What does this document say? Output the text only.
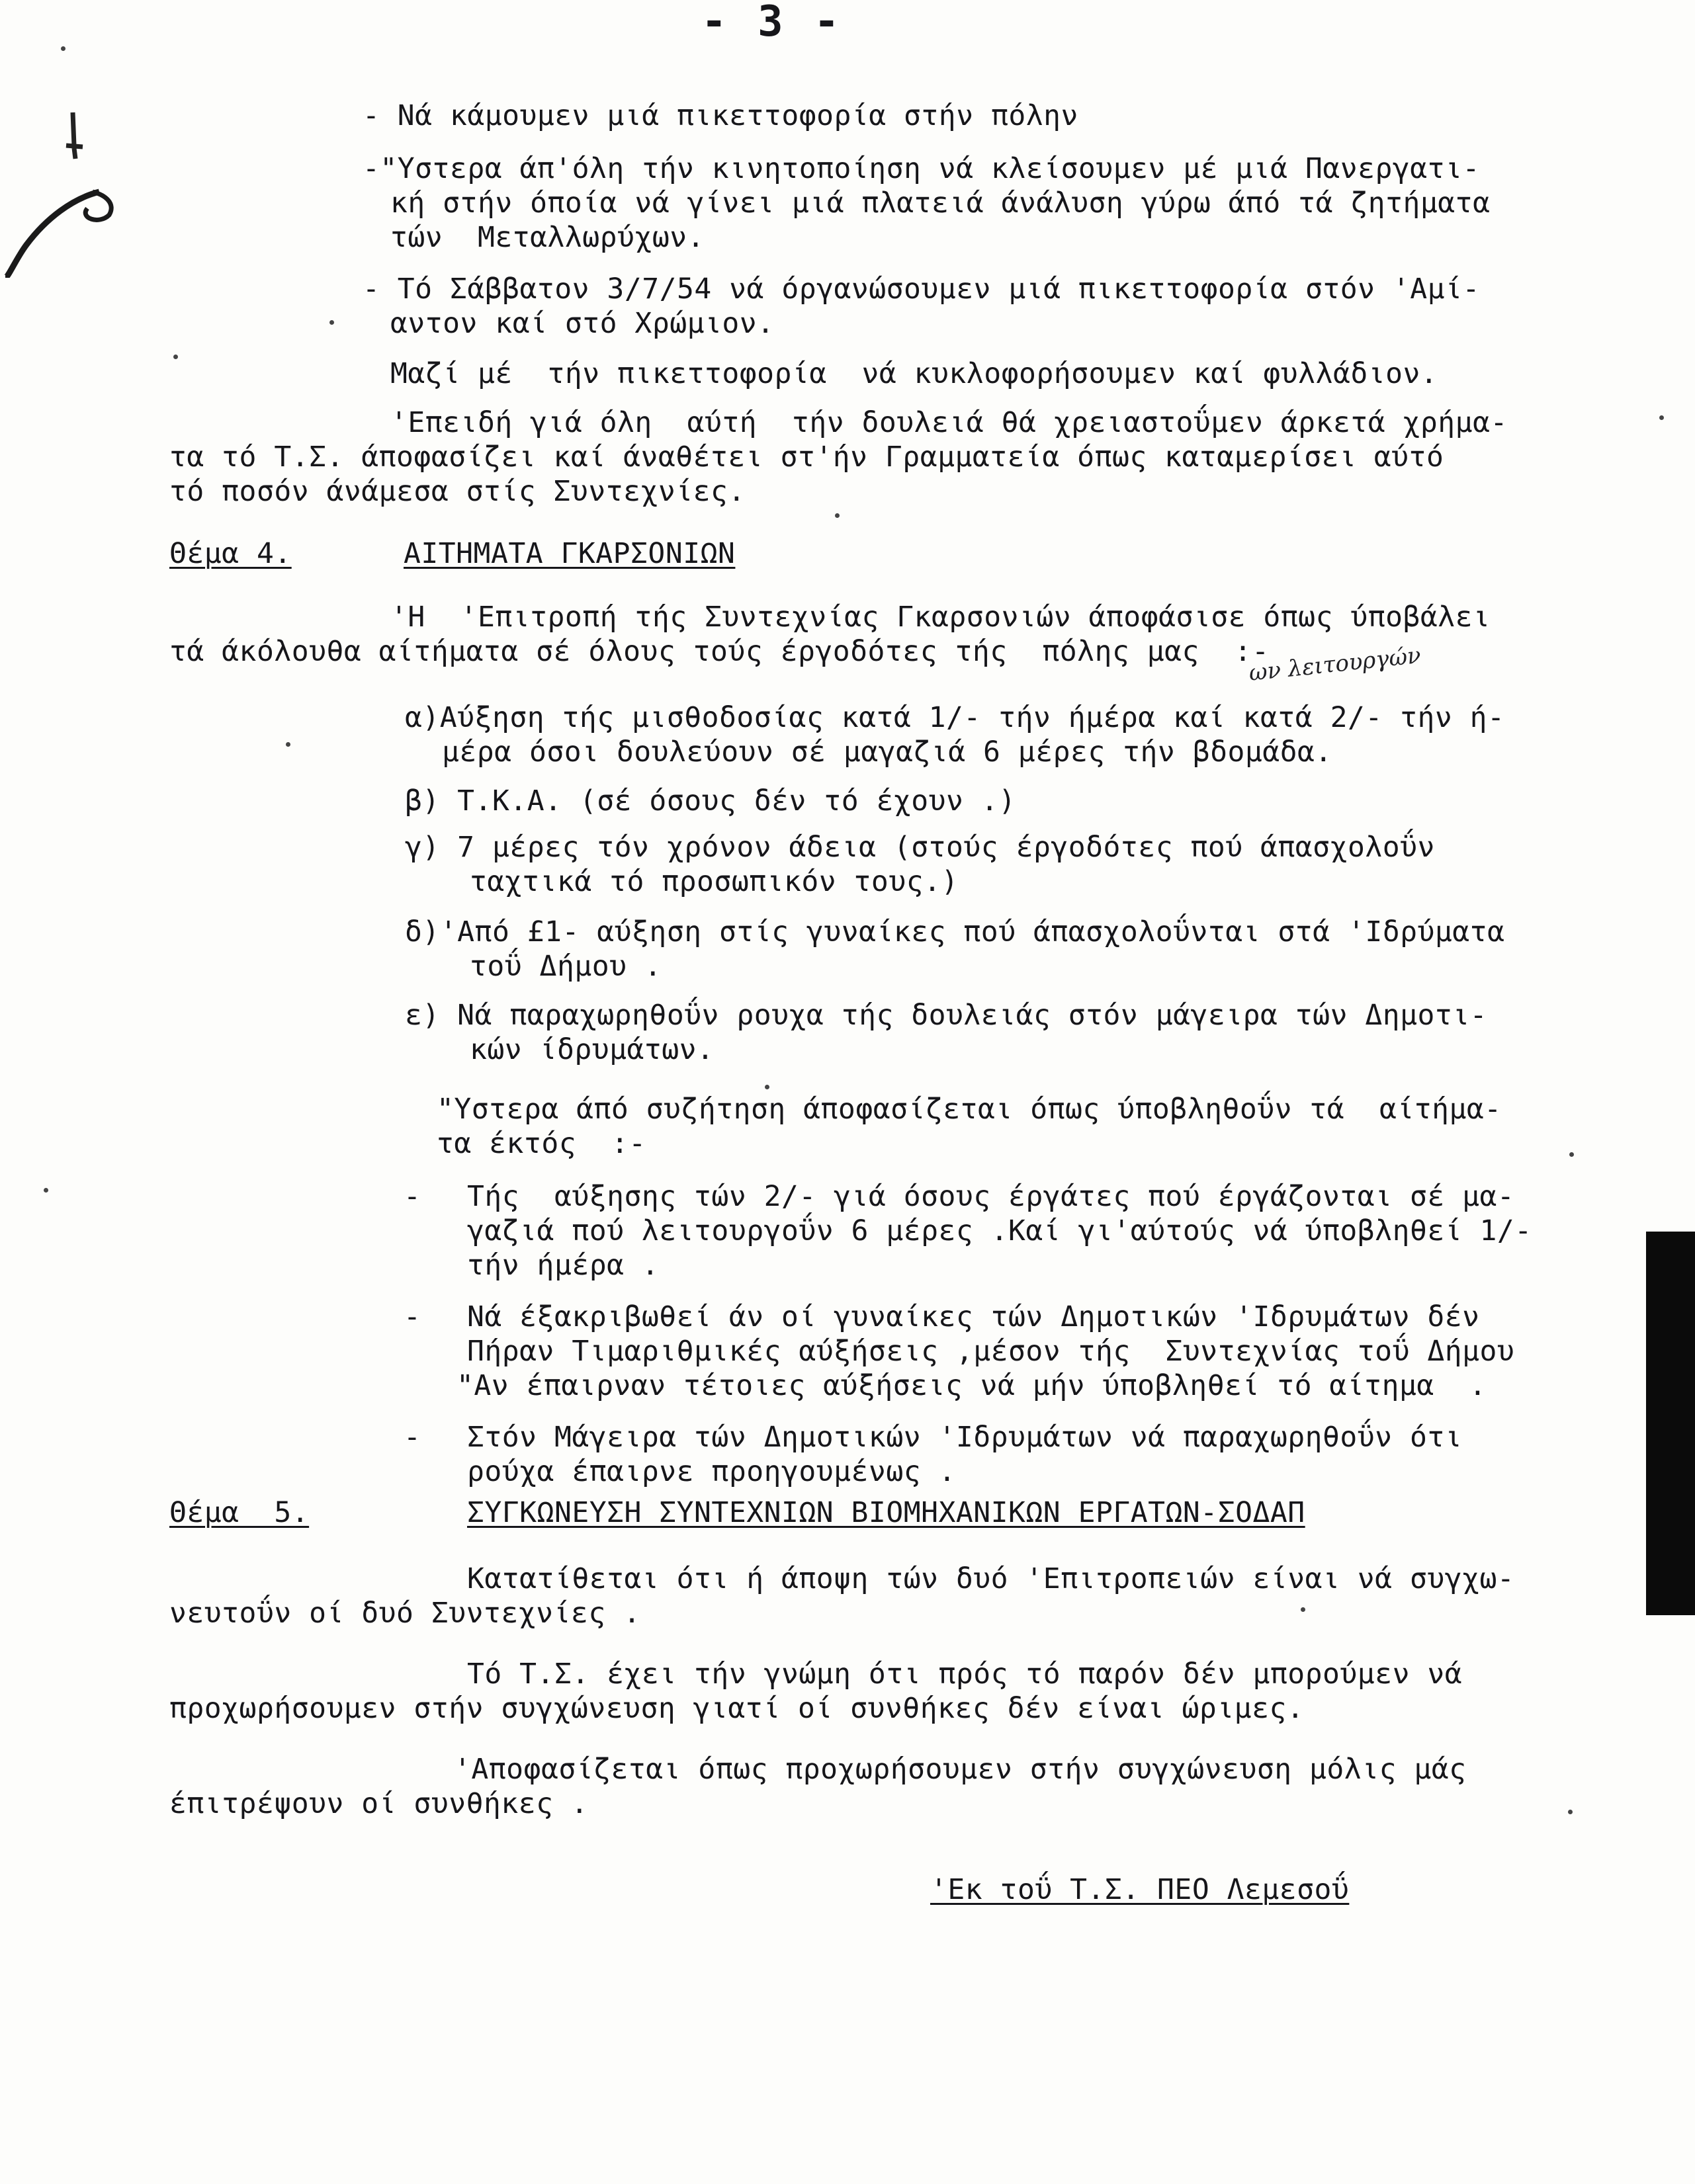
- 3 -
- Νά κάμουμεν μιά πικεττοφορία στήν πόλην
-"Υστερα άπ'όλη τήν κινητοποίηση νά κλείσουμεν μέ μιά Πανεργατι-
κή στήν όποία νά γίνει μιά πλατειά άνάλυση γύρω άπό τά ζητήματα
τών  Μεταλλωρύχων.
- Τό Σάββατον 3/7/54 νά όργανώσουμεν μιά πικεττοφορία στόν 'Αμί-
αντον καί στό Χρώμιον.
Μαζί μέ  τήν πικεττοφορία  νά κυκλοφορήσουμεν καί φυλλάδιον.
'Επειδή γιά όλη  αύτή  τήν δουλειά θά χρειαστοΰμεν άρκετά χρήμα-
τα τό Τ.Σ. άποφασίζει καί άναθέτει στ'ήν Γραμματεία όπως καταμερίσει αύτό
τό ποσόν άνάμεσα στίς Συντεχνίες.
Θέμα 4.	ΑΙΤΗΜΑΤΑ ΓΚΑΡΣΟΝΙΩΝ
'Η  'Επιτροπή τής Συντεχνίας Γκαρσονιών άποφάσισε όπως ύποβάλει
τά άκόλουθα αίτήματα σέ όλους τούς έργοδότες τής  πόλης μας  :-
ων λειτουργών
α)Αύξηση τής μισθοδοσίας κατά 1/- τήν ήμέρα καί κατά 2/- τήν ή-
μέρα όσοι δουλεύουν σέ μαγαζιά 6 μέρες τήν βδομάδα.
β) Τ.Κ.Α. (σέ όσους δέν τό έχουν .)
γ) 7 μέρες τόν χρόνον άδεια (στούς έργοδότες πού άπασχολοΰν
ταχτικά τό προσωπικόν τους.)
δ)'Από £1- αύξηση στίς γυναίκες πού άπασχολοΰνται στά 'Ιδρύματα
τοΰ Δήμου .
ε) Νά παραχωρηθοΰν ρουχα τής δουλειάς στόν μάγειρα τών Δημοτι-
κών ίδρυμάτων.
"Υστερα άπό συζήτηση άποφασίζεται όπως ύποβληθοΰν τά  αίτήμα-
τα έκτός  :-
- Τής  αύξησης τών 2/- γιά όσους έργάτες πού έργάζονται σέ μα-
γαζιά πού λειτουργοΰν 6 μέρες .Καί γι'αύτούς νά ύποβληθεί 1/-
τήν ήμέρα .
- Νά έξακριβωθεί άν οί γυναίκες τών Δημοτικών 'Ιδρυμάτων δέν
Πήραν Τιμαριθμικές αύξήσεις ,μέσον τής  Συντεχνίας τοΰ Δήμου
"Αν έπαιρναν τέτοιες αύξήσεις νά μήν ύποβληθεί τό αίτημα  .
- Στόν Μάγειρα τών Δημοτικών 'Ιδρυμάτων νά παραχωρηθοΰν ότι
ρούχα έπαιρνε προηγουμένως .
Θέμα  5.	ΣΥΓΚΩΝΕΥΣΗ ΣΥΝΤΕΧΝΙΩΝ ΒΙΟΜΗΧΑΝΙΚΩΝ ΕΡΓΑΤΩΝ-ΣΟΔΑΠ
Κατατίθεται ότι ή άποψη τών δυό 'Επιτροπειών είναι νά συγχω-
νευτοΰν οί δυό Συντεχνίες .
Τό Τ.Σ. έχει τήν γνώμη ότι πρός τό παρόν δέν μπορούμεν νά
προχωρήσουμεν στήν συγχώνευση γιατί οί συνθήκες δέν είναι ώριμες.
'Αποφασίζεται όπως προχωρήσουμεν στήν συγχώνευση μόλις μάς
έπιτρέψουν οί συνθήκες .
'Εκ τοΰ Τ.Σ. ΠΕΟ Λεμεσοΰ
